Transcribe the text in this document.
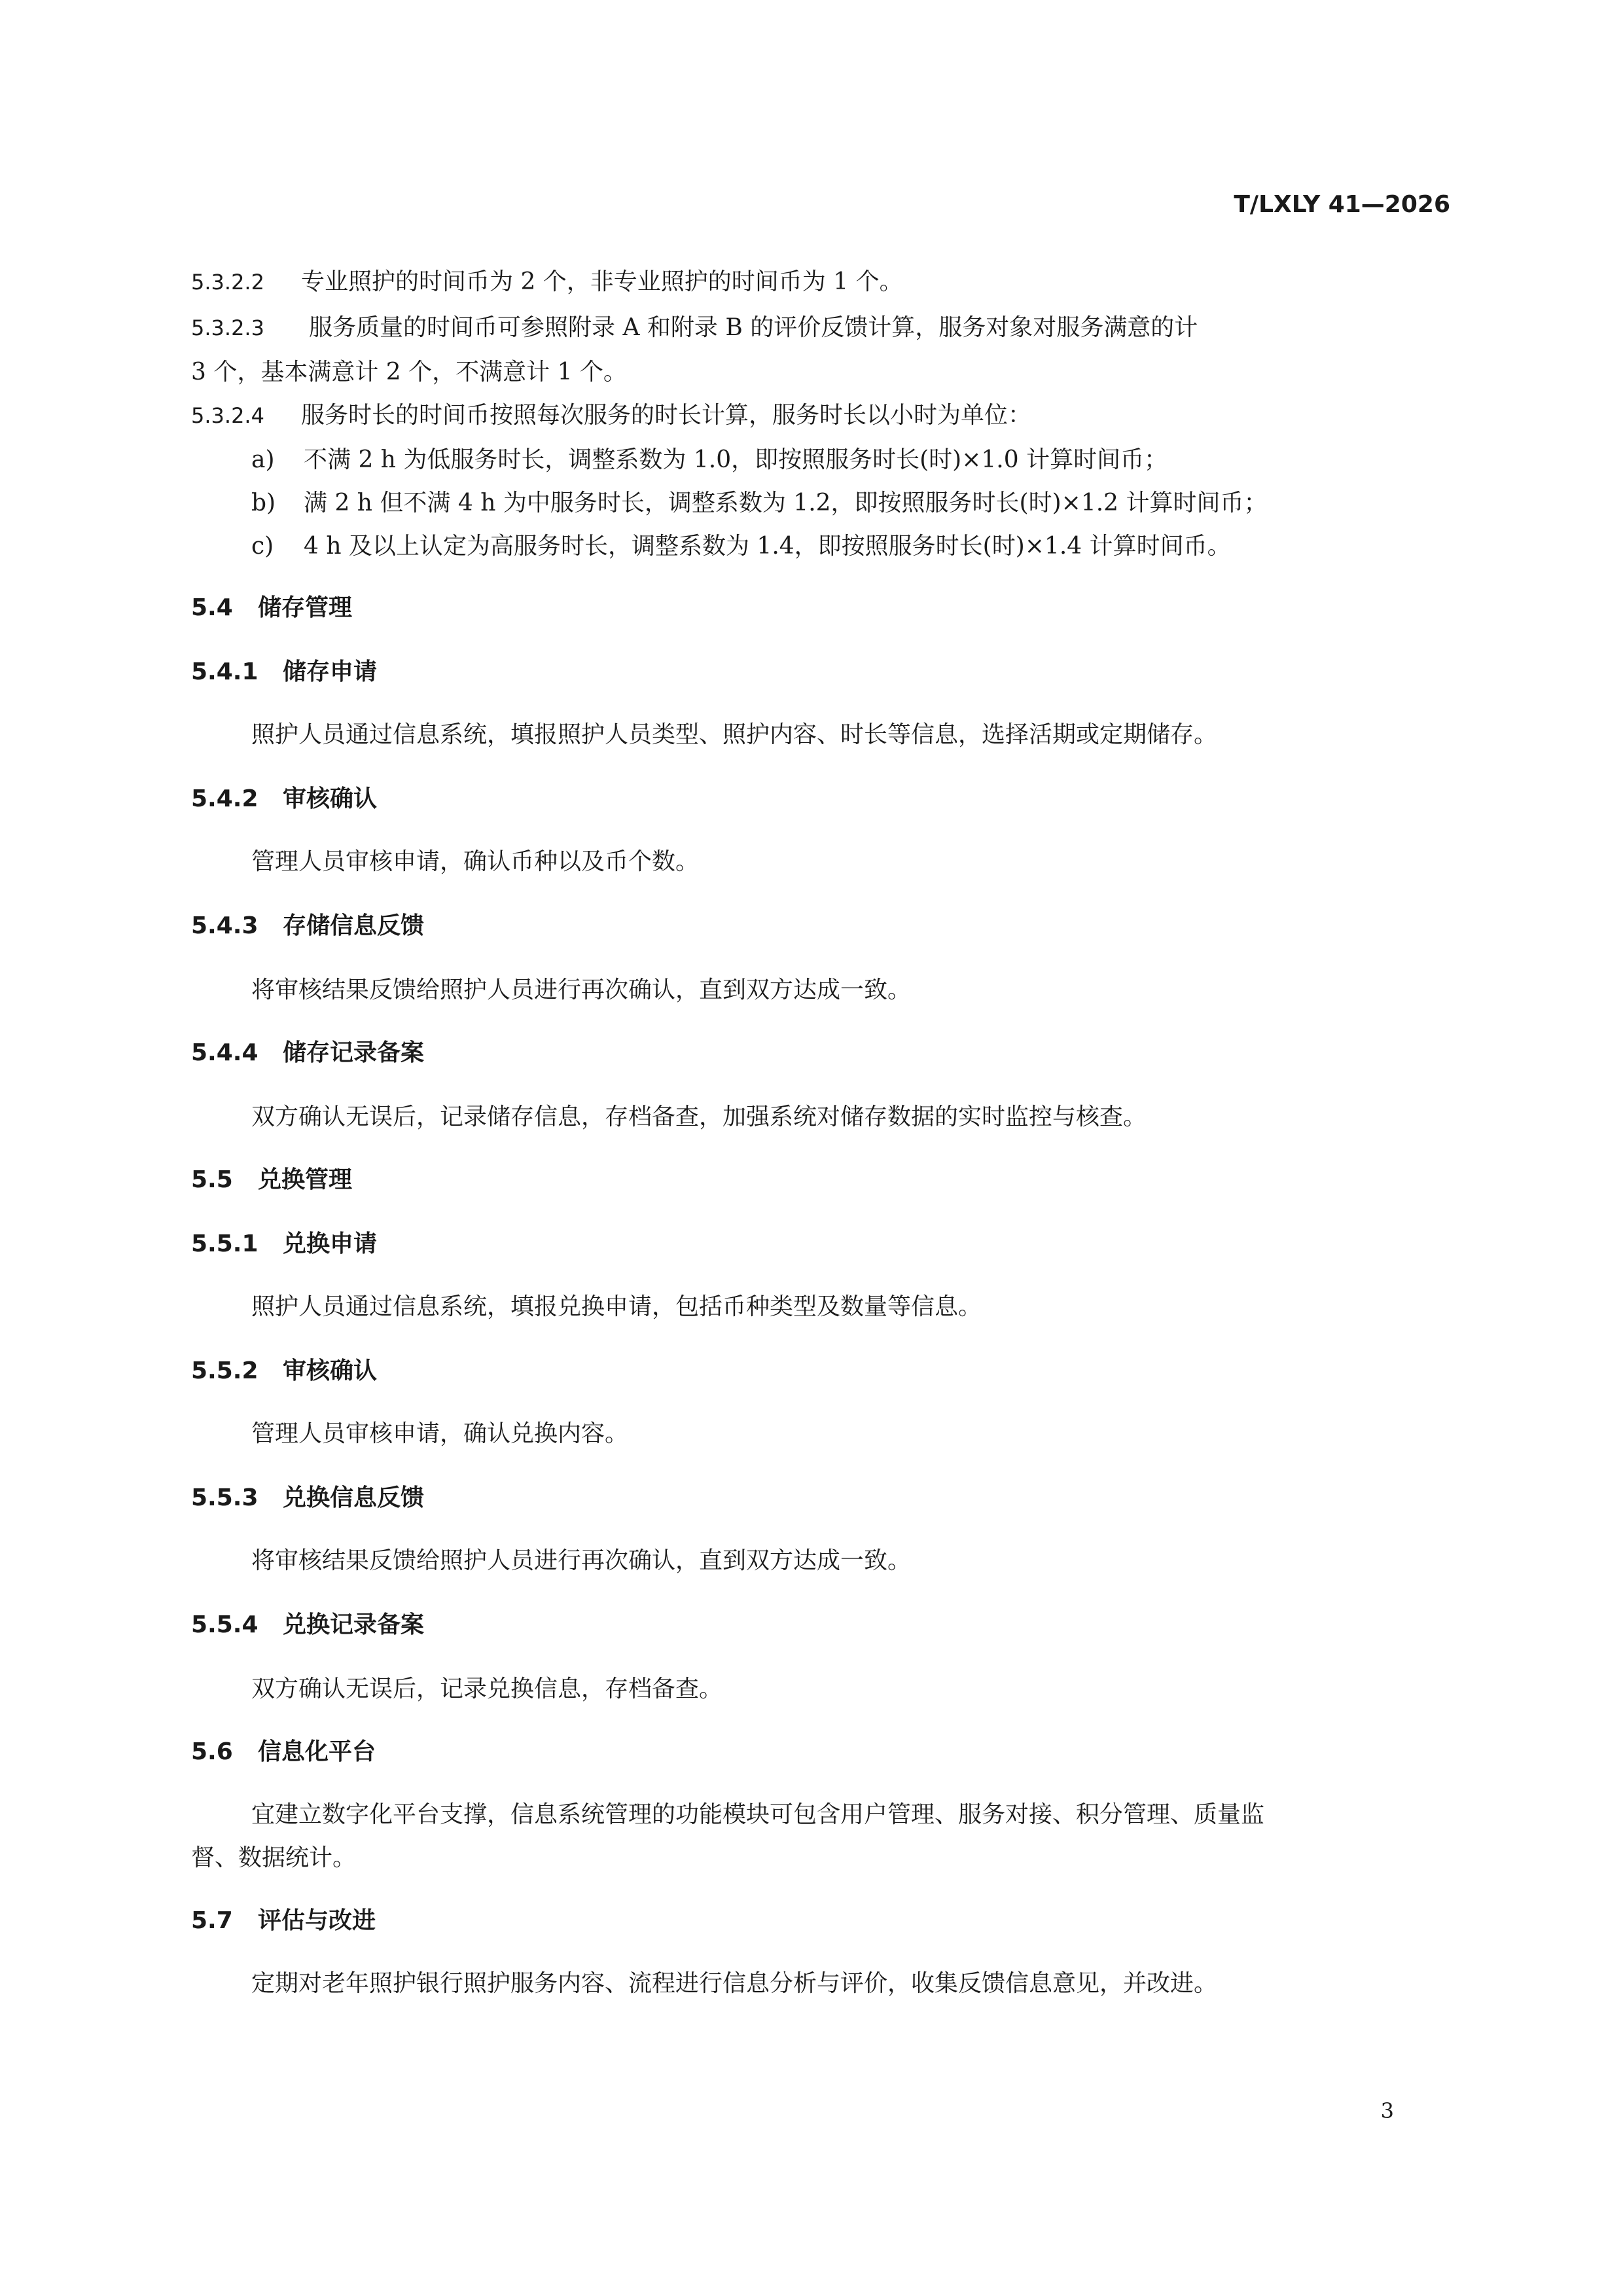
T/LXLY 41—2026
5.3.2.2 专业照护的时间币为 2 个，非专业照护的时间币为 1 个。
5.3.2.3 服务质量的时间币可参照附录 A 和附录 B 的评价反馈计算，服务对象对服务满意的计
3 个，基本满意计 2 个，不满意计 1 个。
5.3.2.4 服务时长的时间币按照每次服务的时长计算，服务时长以小时为单位：
a) 不满 2 h 为低服务时长，调整系数为 1.0，即按照服务时长(时)×1.0 计算时间币；
b) 满 2 h 但不满 4 h 为中服务时长，调整系数为 1.2，即按照服务时长(时)×1.2 计算时间币；
c) 4 h 及以上认定为高服务时长，调整系数为 1.4，即按照服务时长(时)×1.4 计算时间币。
5.4 储存管理
5.4.1 储存申请
照护人员通过信息系统，填报照护人员类型、照护内容、时长等信息，选择活期或定期储存。
5.4.2 审核确认
管理人员审核申请，确认币种以及币个数。
5.4.3 存储信息反馈
将审核结果反馈给照护人员进行再次确认，直到双方达成一致。
5.4.4 储存记录备案
双方确认无误后，记录储存信息，存档备查，加强系统对储存数据的实时监控与核查。
5.5 兑换管理
5.5.1 兑换申请
照护人员通过信息系统，填报兑换申请，包括币种类型及数量等信息。
5.5.2 审核确认
管理人员审核申请，确认兑换内容。
5.5.3 兑换信息反馈
将审核结果反馈给照护人员进行再次确认，直到双方达成一致。
5.5.4 兑换记录备案
双方确认无误后，记录兑换信息，存档备查。
5.6 信息化平台
宜建立数字化平台支撑，信息系统管理的功能模块可包含用户管理、服务对接、积分管理、质量监
督、数据统计。
5.7 评估与改进
定期对老年照护银行照护服务内容、流程进行信息分析与评价，收集反馈信息意见，并改进。
3
